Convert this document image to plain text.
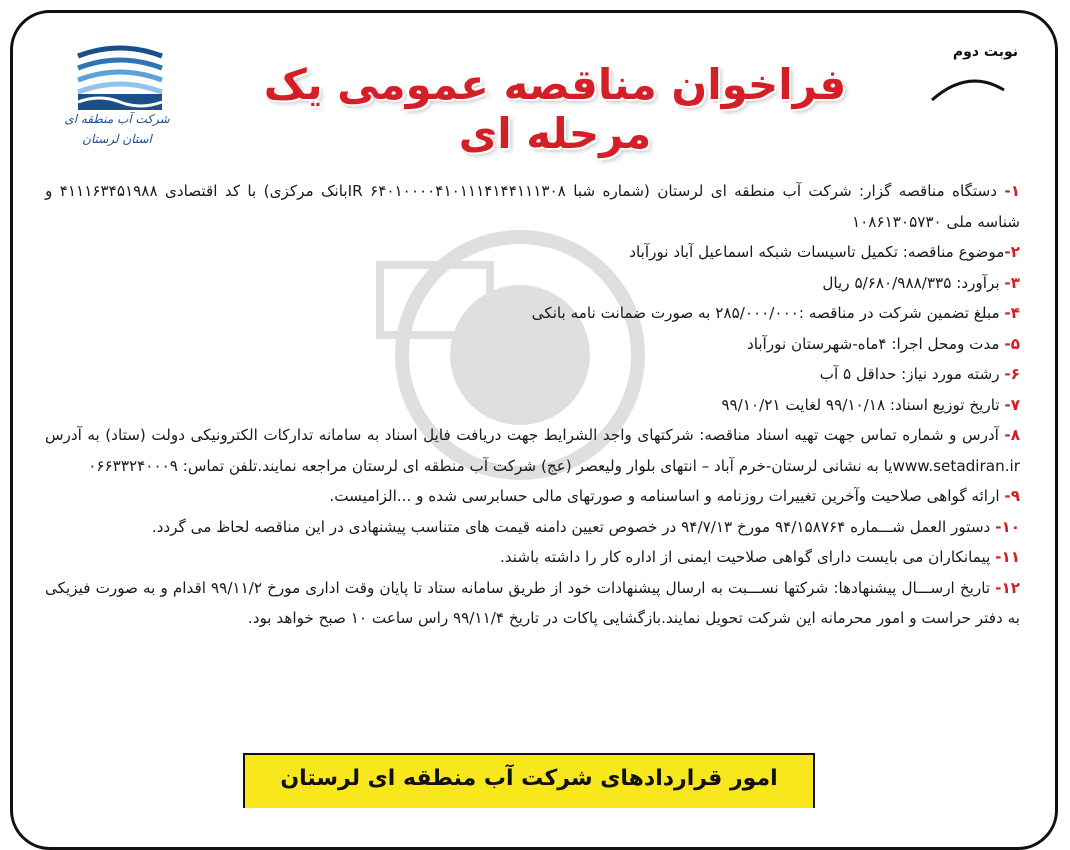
شرکت آب منطقه ای
استان لرستان
نوبت دوم
فراخوان مناقصه عمومی یک مرحله ای

۱- دستگاه مناقصه گزار: شرکت آب منطقه ای لرستان (شماره شبا IR ۶۴۰۱۰۰۰۰۴۱۰۱۱۱۴۱۴۴۱۱۱۳۰۸بانک مرکزی) با کد اقتصادی ۴۱۱۱۶۳۴۵۱۹۸۸ و شناسه ملی ۱۰۸۶۱۳۰۵۷۳۰

۲-موضوع مناقصه: تکمیل تاسیسات شبکه اسماعیل آباد نورآباد

۳- برآورد: ۵/۶۸۰/۹۸۸/۳۳۵ ریال

۴- مبلغ تضمین شرکت در مناقصه :۲۸۵/۰۰۰/۰۰۰ به صورت ضمانت نامه بانکی

۵- مدت ومحل اجرا: ۴ماه-شهرستان نورآباد

۶- رشته مورد نیاز: حداقل ۵ آب

۷- تاریخ توزیع اسناد: ۹۹/۱۰/۱۸ لغایت ۹۹/۱۰/۲۱

۸- آدرس و شماره تماس جهت تهیه اسناد مناقصه: شرکتهای واجد الشرایط جهت دریافت فایل اسناد به سامانه تدارکات الکترونیکی دولت (ستاد) به آدرس www.setadiran.irیا به نشانی لرستان-خرم آباد – انتهای بلوار ولیعصر (عج) شرکت آب منطقه ای لرستان مراجعه نمایند.تلفن تماس: ۰۶۶۳۳۲۴۰۰۰۹

۹- ارائه گواهی صلاحیت وآخرین تغییرات روزنامه و اساسنامه و صورتهای مالی حسابرسی شده و ...الزامیست.

۱۰- دستور العمل شـــماره ۹۴/۱۵۸۷۶۴ مورخ ۹۴/۷/۱۳ در خصوص تعیین دامنه قیمت های متناسب پیشنهادی در این مناقصه لحاظ می گردد.

۱۱- پیمانکاران می بایست دارای گواهی صلاحیت ایمنی از اداره کار را داشته باشند.

۱۲- تاریخ ارســـال پیشنهادها: شرکتها نســـبت به ارسال پیشنهادات خود از طریق سامانه ستاد تا پایان وقت اداری مورخ ۹۹/۱۱/۲ اقدام و به صورت فیزیکی به دفتر حراست و امور محرمانه این شرکت تحویل نمایند.بازگشایی پاکات در تاریخ ۹۹/۱۱/۴ راس ساعت ۱۰ صبح خواهد بود.

امور قراردادهای شرکت آب منطقه ای لرستان
